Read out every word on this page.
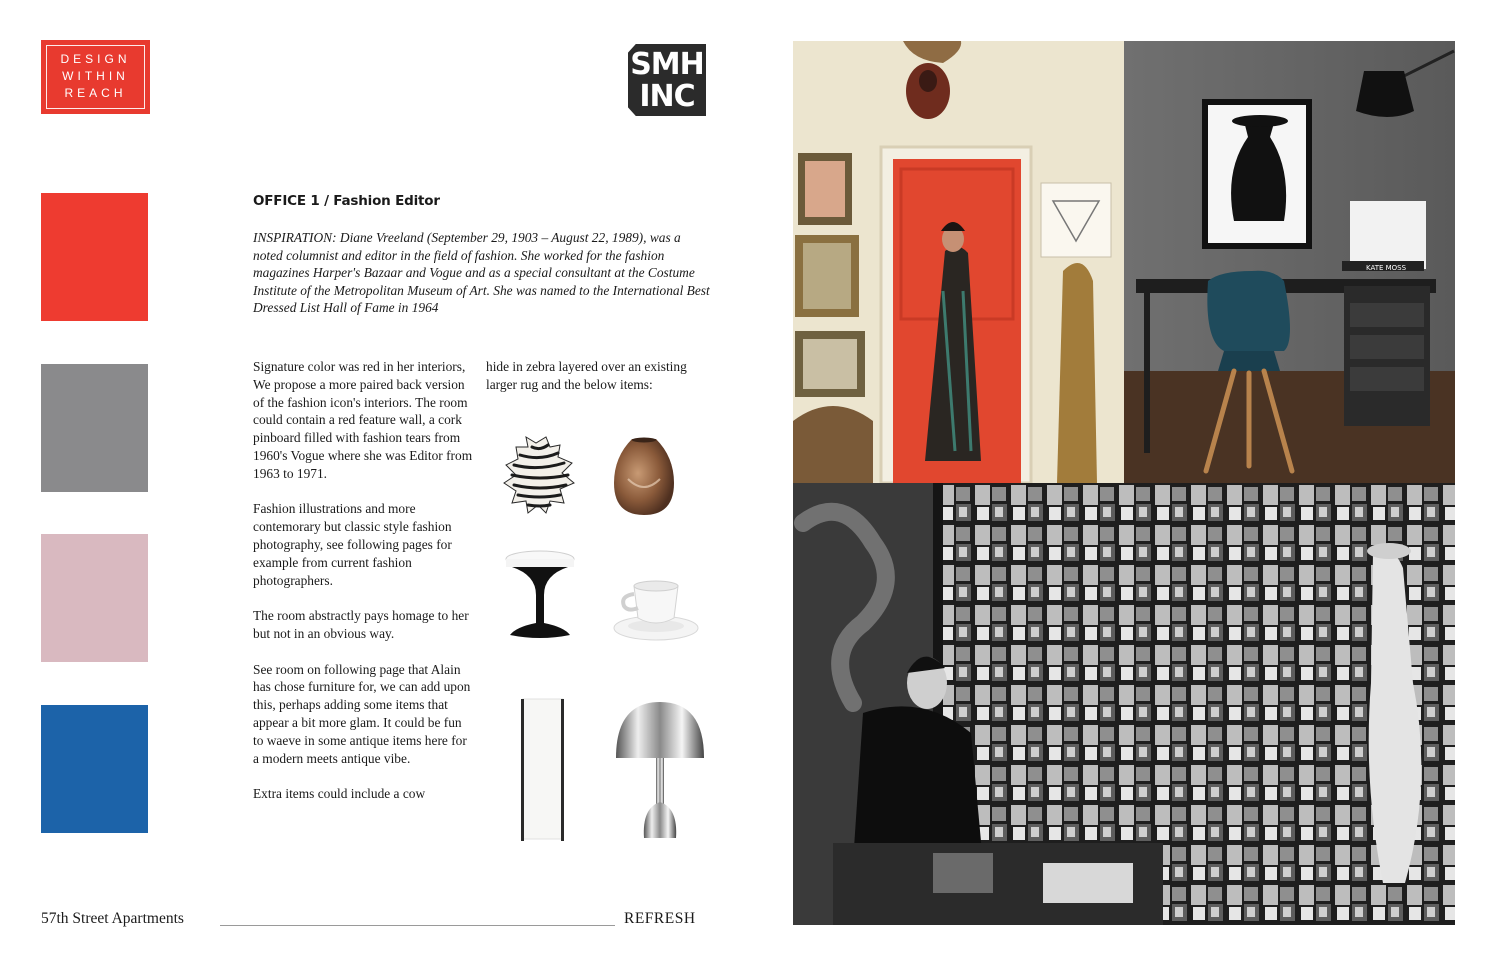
DESIGN
WITHIN
REACH
SMH
INC
OFFICE 1 / Fashion Editor
INSPIRATION: Diane Vreeland (September 29, 1903 – August 22, 1989), was a noted columnist and editor in the field of fashion. She worked for the fashion magazines Harper's Bazaar and Vogue and as a special consultant at the Costume Institute of the Metropolitan Museum of Art. She was named to the International Best Dressed List Hall of Fame in 1964

Signature color was red in her interiors, We propose a more paired back version of the fashion icon's interiors. The room could contain a red feature wall, a cork pinboard filled with fashion tears from 1960's Vogue where she was Editor from 1963 to 1971.

Fashion illustrations and more contemorary but classic style fashion photography, see following pages for example from current fashion photographers.

The room abstractly pays homage to her but not in an obvious way.

See room on following page that Alain has chose furniture for, we can add upon this, perhaps adding some items that appear a bit more glam. It could be fun to waeve in some antique items here for a modern meets antique vibe.

Extra items could include a cow

hide in zebra layered over an existing larger rug and the below items:

KATE MOSS
57th Street Apartments	REFRESH
